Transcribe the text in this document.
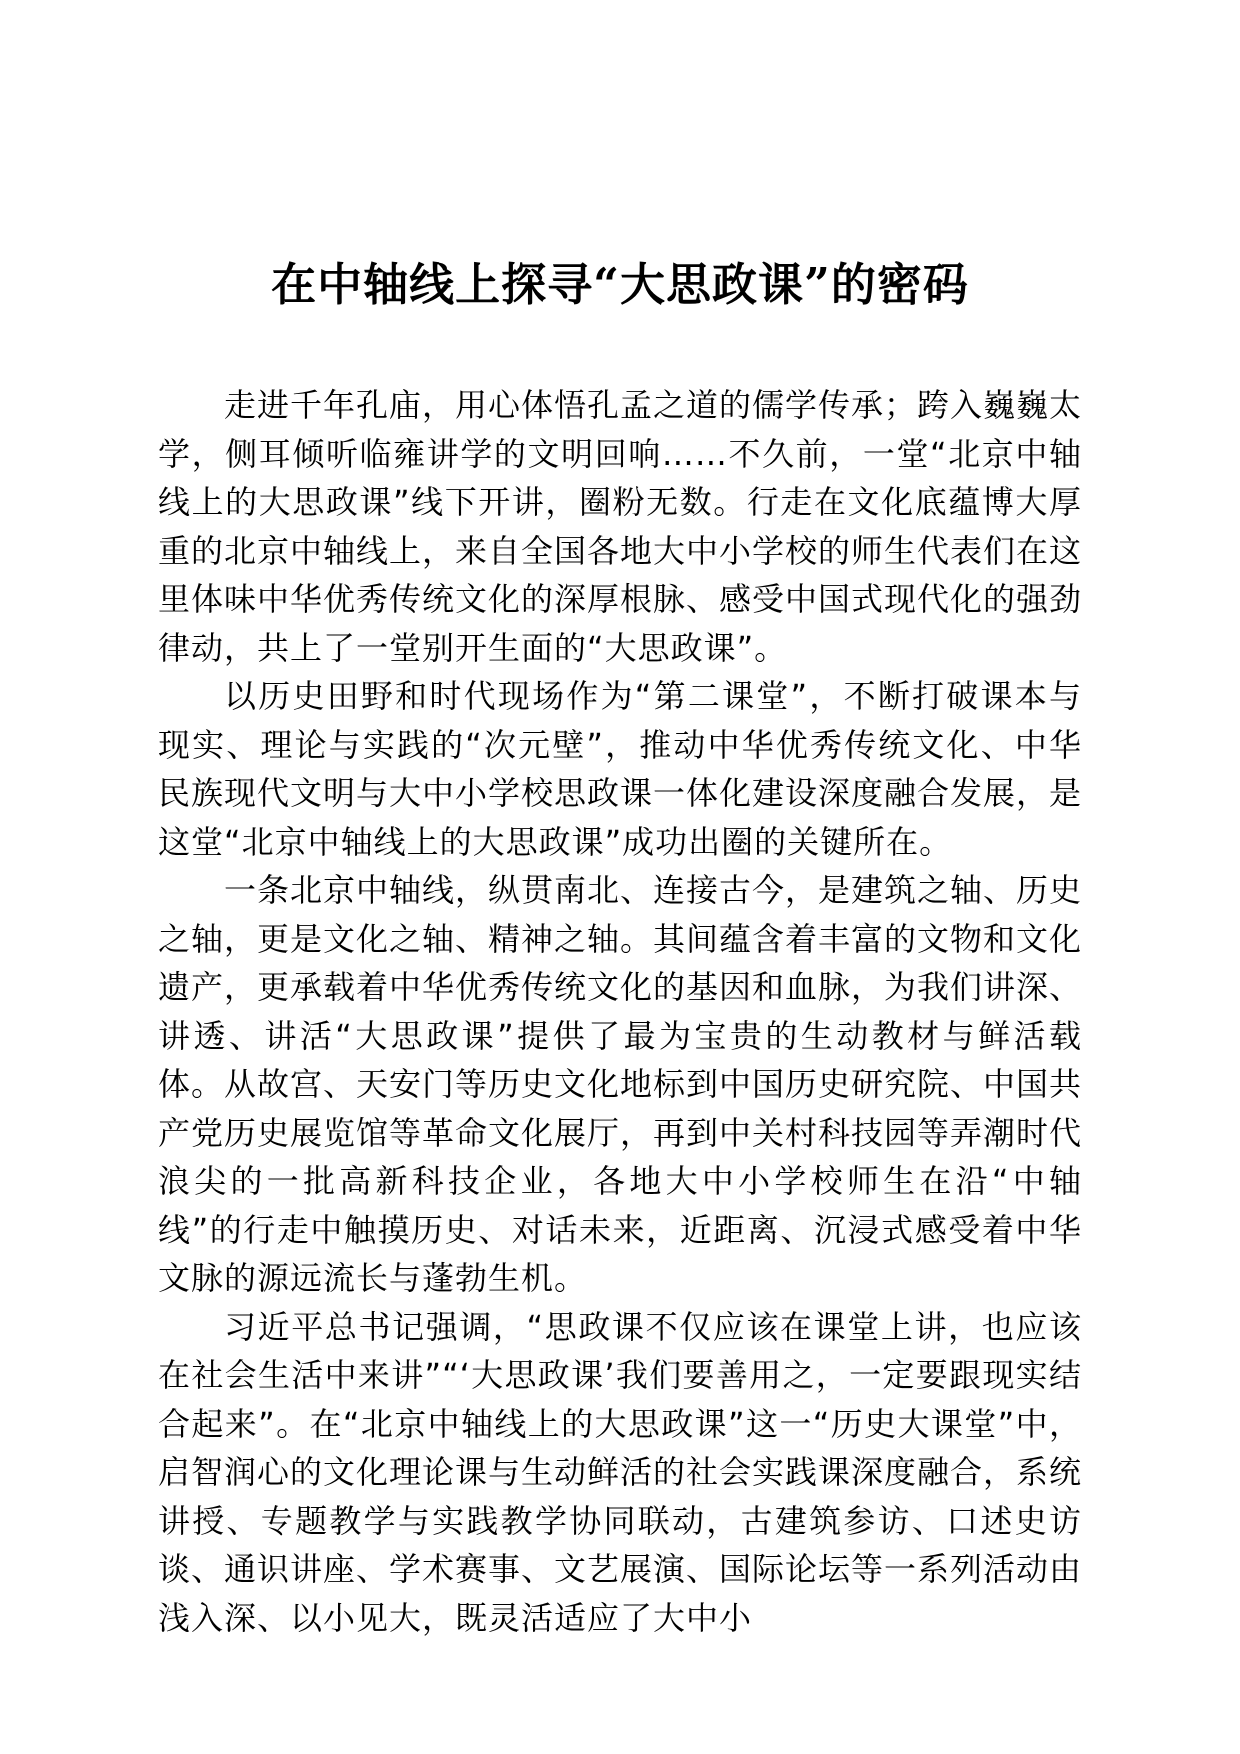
在中轴线上探寻“大思政课”的密码

走进千年孔庙，用心体悟孔孟之道的儒学传承；跨入巍巍太学，侧耳倾听临雍讲学的文明回响……不久前，一堂“北京中轴线上的大思政课”线下开讲，圈粉无数。行走在文化底蕴博大厚重的北京中轴线上，来自全国各地大中小学校的师生代表们在这里体味中华优秀传统文化的深厚根脉、感受中国式现代化的强劲律动，共上了一堂别开生面的“大思政课”。

以历史田野和时代现场作为“第二课堂”，不断打破课本与现实、理论与实践的“次元壁”，推动中华优秀传统文化、中华民族现代文明与大中小学校思政课一体化建设深度融合发展，是这堂“北京中轴线上的大思政课”成功出圈的关键所在。

一条北京中轴线，纵贯南北、连接古今，是建筑之轴、历史之轴，更是文化之轴、精神之轴。其间蕴含着丰富的文物和文化遗产，更承载着中华优秀传统文化的基因和血脉，为我们讲深、讲透、讲活“大思政课”提供了最为宝贵的生动教材与鲜活载体。从故宫、天安门等历史文化地标到中国历史研究院、中国共产党历史展览馆等革命文化展厅，再到中关村科技园等弄潮时代浪尖的一批高新科技企业，各地大中小学校师生在沿“中轴线”的行走中触摸历史、对话未来，近距离、沉浸式感受着中华文脉的源远流长与蓬勃生机。

习近平总书记强调，“思政课不仅应该在课堂上讲，也应该在社会生活中来讲”“‘大思政课’我们要善用之，一定要跟现实结合起来”。在“北京中轴线上的大思政课”这一“历史大课堂”中，启智润心的文化理论课与生动鲜活的社会实践课深度融合，系统讲授、专题教学与实践教学协同联动，古建筑参访、口述史访谈、通识讲座、学术赛事、文艺展演、国际论坛等一系列活动由浅入深、以小见大，既灵活适应了大中小
